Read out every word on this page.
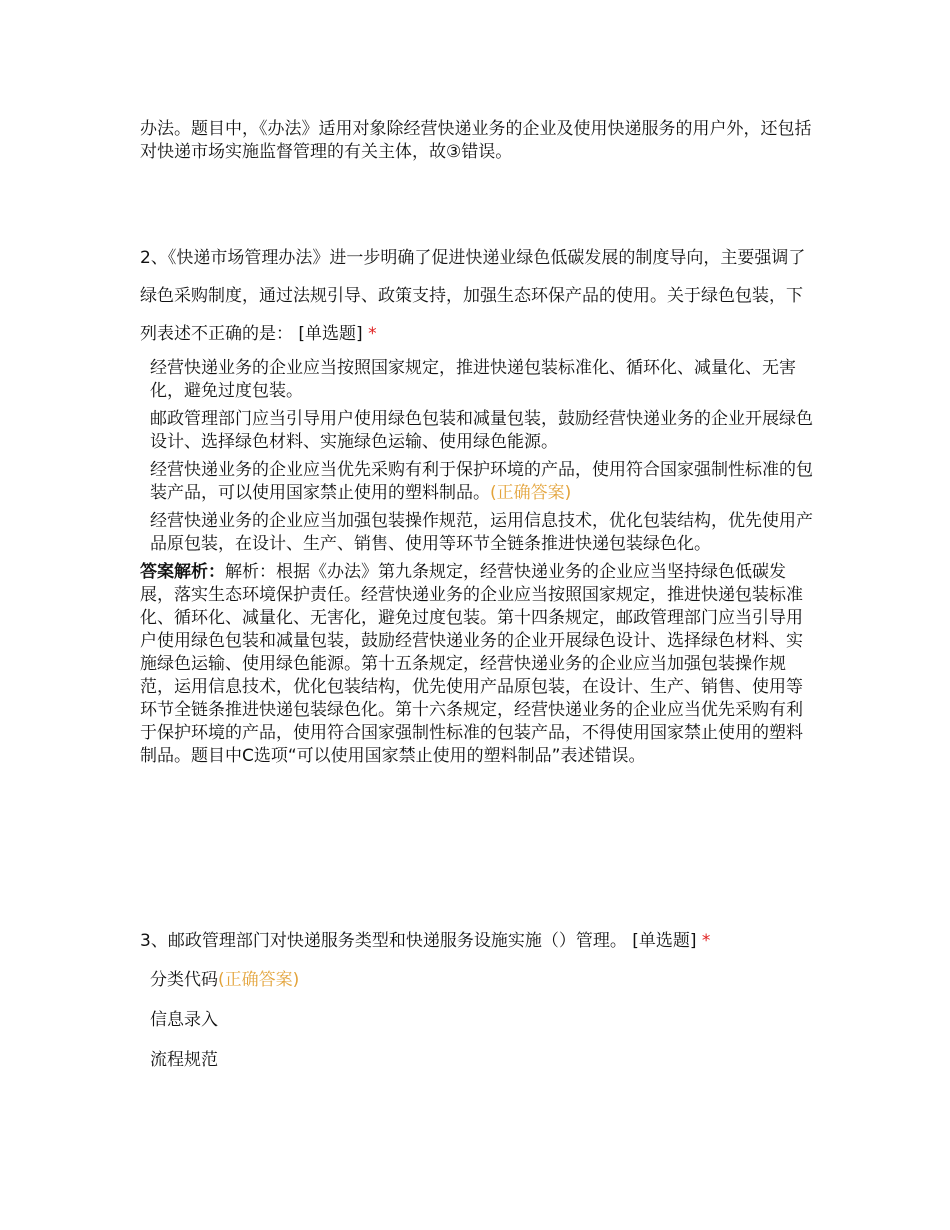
办法。题目中，《办法》适用对象除经营快递业务的企业及使用快递服务的用户外，还包括对快递市场实施监督管理的有关主体，故③错误。

2、《快递市场管理办法》进一步明确了促进快递业绿色低碳发展的制度导向，主要强调了绿色采购制度，通过法规引导、政策支持，加强生态环保产品的使用。关于绿色包装，下列表述不正确的是： [单选题] *

经营快递业务的企业应当按照国家规定，推进快递包装标准化、循环化、减量化、无害化，避免过度包装。
邮政管理部门应当引导用户使用绿色包装和减量包装，鼓励经营快递业务的企业开展绿色设计、选择绿色材料、实施绿色运输、使用绿色能源。
经营快递业务的企业应当优先采购有利于保护环境的产品，使用符合国家强制性标准的包装产品，可以使用国家禁止使用的塑料制品。(正确答案)
经营快递业务的企业应当加强包装操作规范，运用信息技术，优化包装结构，优先使用产品原包装，在设计、生产、销售、使用等环节全链条推进快递包装绿色化。

答案解析：解析：根据《办法》第九条规定，经营快递业务的企业应当坚持绿色低碳发展，落实生态环境保护责任。经营快递业务的企业应当按照国家规定，推进快递包装标准化、循环化、减量化、无害化，避免过度包装。第十四条规定，邮政管理部门应当引导用户使用绿色包装和减量包装，鼓励经营快递业务的企业开展绿色设计、选择绿色材料、实施绿色运输、使用绿色能源。第十五条规定，经营快递业务的企业应当加强包装操作规范，运用信息技术，优化包装结构，优先使用产品原包装，在设计、生产、销售、使用等环节全链条推进快递包装绿色化。第十六条规定，经营快递业务的企业应当优先采购有利于保护环境的产品，使用符合国家强制性标准的包装产品，不得使用国家禁止使用的塑料制品。题目中C选项“可以使用国家禁止使用的塑料制品”表述错误。

3、邮政管理部门对快递服务类型和快递服务设施实施（）管理。 [单选题] *

分类代码(正确答案)
信息录入
流程规范
